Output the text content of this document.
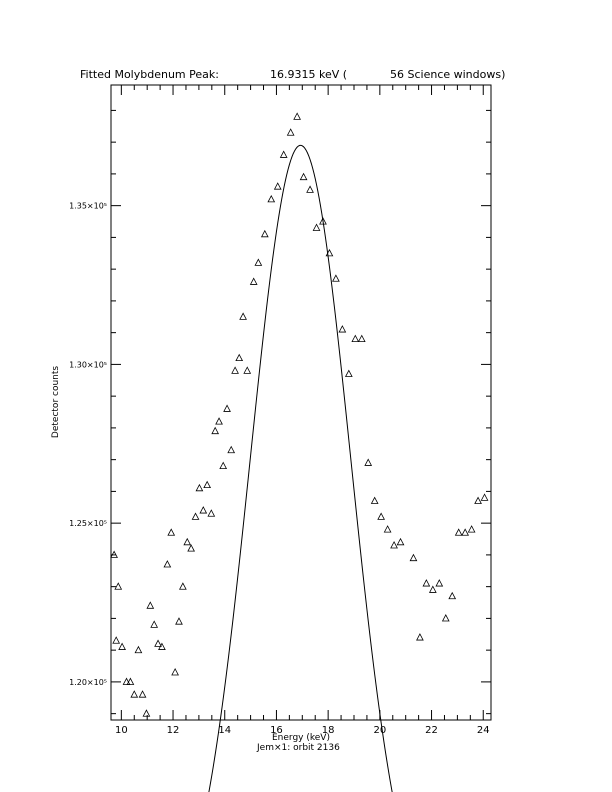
Fitted Molybdenum Peak:	16.9315 keV (	56 Science windows)
1.20×10⁵
1.25×10⁵
1.30×10⁵
1.35×10⁵
10	12	14	16	18	20	22	24
Detector counts
Energy (keV)
Jem×1: orbit 2136
